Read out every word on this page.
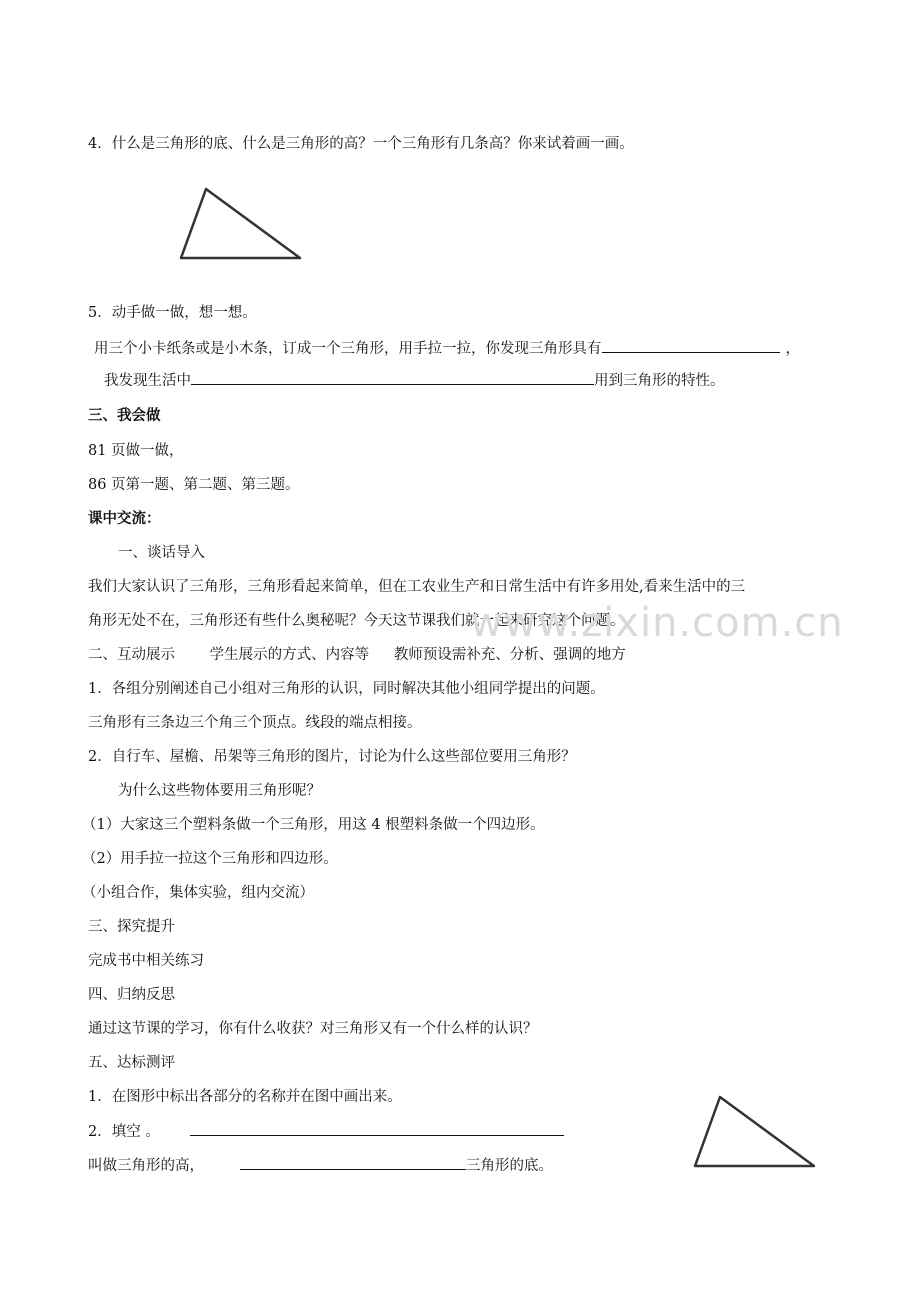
4．什么是三角形的底、什么是三角形的高？一个三角形有几条高？你来试着画一画。
5．动手做一做，想一想。
用三个小卡纸条或是小木条，订成一个三角形，用手拉一拉，你发现三角形具有	，
我发现生活中	用到三角形的特性。
三、我会做
81 页做一做，
86 页第一题、第二题、第三题。
课中交流：
一、谈话导入
我们大家认识了三角形，三角形看起来简单，但在工农业生产和日常生活中有许多用处,看来生活中的三
角形无处不在，三角形还有些什么奥秘呢？今天这节课我们就一起来研究这个问题。
www.zixin.com.cn
二、互动展示 学生展示的方式、内容等 教师预设需补充、分析、强调的地方
1．各组分别阐述自己小组对三角形的认识，同时解决其他小组同学提出的问题。
三角形有三条边三个角三个顶点。线段的端点相接。
2．自行车、屋檐、吊架等三角形的图片，讨论为什么这些部位要用三角形？
为什么这些物体要用三角形呢？
（1）大家这三个塑料条做一个三角形，用这 4 根塑料条做一个四边形。
（2）用手拉一拉这个三角形和四边形。
（小组合作，集体实验，组内交流）
三、探究提升
完成书中相关练习
四、归纳反思
通过这节课的学习，你有什么收获？对三角形又有一个什么样的认识？
五、达标测评
1．在图形中标出各部分的名称并在图中画出来。
2．填空 。
叫做三角形的高，	三角形的底。
